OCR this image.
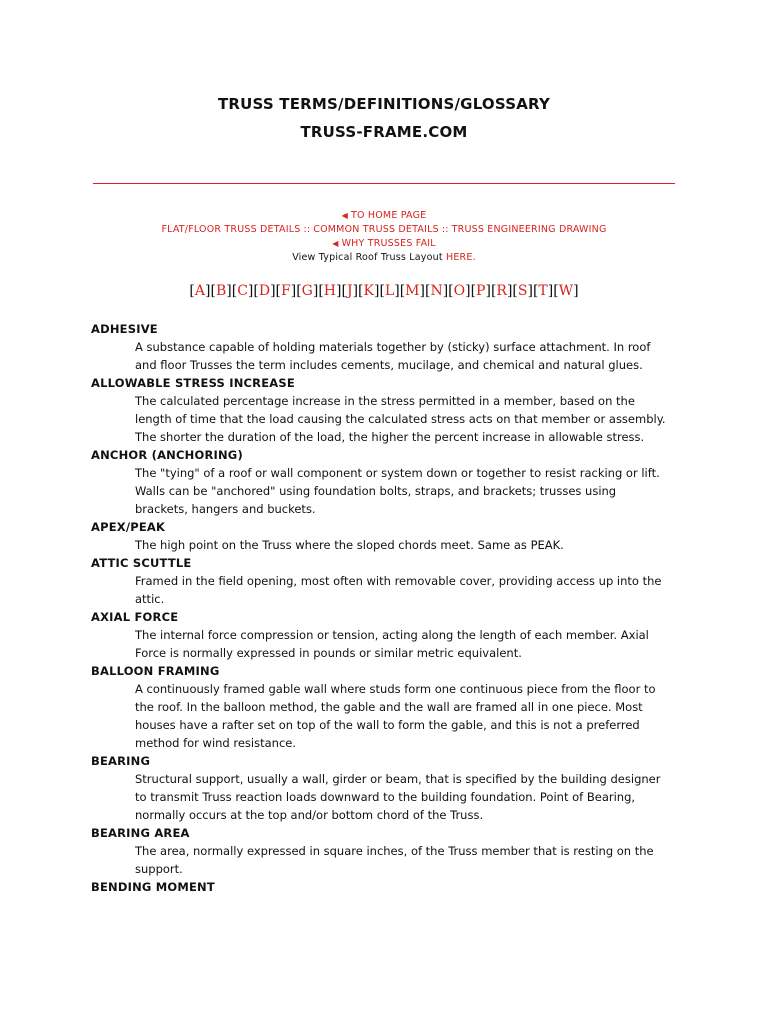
TRUSS TERMS/DEFINITIONS/GLOSSARY
TRUSS-FRAME.COM
◀ TO HOME PAGE
FLAT/FLOOR TRUSS DETAILS :: COMMON TRUSS DETAILS :: TRUSS ENGINEERING DRAWING
◀ WHY TRUSSES FAIL
View Typical Roof Truss Layout HERE.
[A][B][C][D][F][G][H][J][K][L][M][N][O][P][R][S][T][W]
ADHESIVE
A substance capable of holding materials together by (sticky) surface attachment. In roof and floor Trusses the term includes cements, mucilage, and chemical and natural glues.
ALLOWABLE STRESS INCREASE
The calculated percentage increase in the stress permitted in a member, based on the length of time that the load causing the calculated stress acts on that member or assembly. The shorter the duration of the load, the higher the percent increase in allowable stress.
ANCHOR (ANCHORING)
The "tying" of a roof or wall component or system down or together to resist racking or lift. Walls can be "anchored" using foundation bolts, straps, and brackets; trusses using brackets, hangers and buckets.
APEX/PEAK
The high point on the Truss where the sloped chords meet. Same as PEAK.
ATTIC SCUTTLE
Framed in the field opening, most often with removable cover, providing access up into the attic.
AXIAL FORCE
The internal force compression or tension, acting along the length of each member. Axial Force is normally expressed in pounds or similar metric equivalent.
BALLOON FRAMING
A continuously framed gable wall where studs form one continuous piece from the floor to the roof. In the balloon method, the gable and the wall are framed all in one piece. Most houses have a rafter set on top of the wall to form the gable, and this is not a preferred method for wind resistance.
BEARING
Structural support, usually a wall, girder or beam, that is specified by the building designer to transmit Truss reaction loads downward to the building foundation. Point of Bearing, normally occurs at the top and/or bottom chord of the Truss.
BEARING AREA
The area, normally expressed in square inches, of the Truss member that is resting on the support.
BENDING MOMENT
